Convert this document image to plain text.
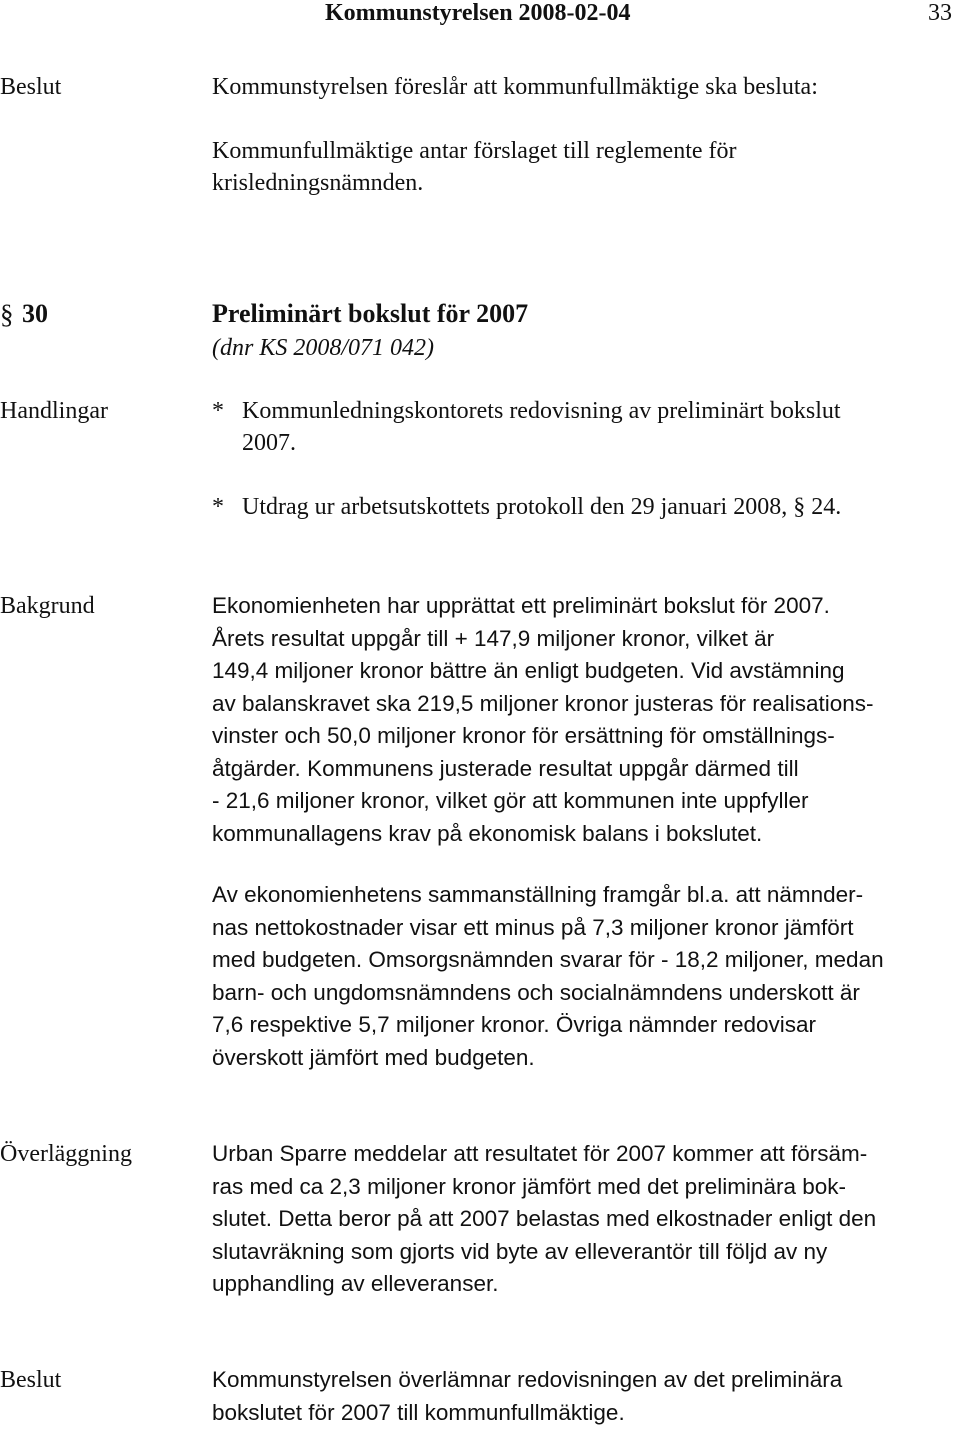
Kommunstyrelsen 2008-02-04	33
Beslut	Kommunstyrelsen föreslår att kommunfullmäktige ska besluta:

Kommunfullmäktige antar förslaget till reglemente för

krisledningsnämnden.

§ 30	Preliminärt bokslut för 2007
(dnr KS 2008/071 042)
Handlingar	* Kommunledningskontorets redovisning av preliminärt bokslut

2007.

* Utdrag ur arbetsutskottets protokoll den 29 januari 2008, § 24.

Bakgrund	Ekonomienheten har upprättat ett preliminärt bokslut för 2007.

Årets resultat uppgår till + 147,9 miljoner kronor, vilket är

149,4 miljoner kronor bättre än enligt budgeten. Vid avstämning

av balanskravet ska 219,5 miljoner kronor justeras för realisations-

vinster och 50,0 miljoner kronor för ersättning för omställnings-

åtgärder. Kommunens justerade resultat uppgår därmed till

- 21,6 miljoner kronor, vilket gör att kommunen inte uppfyller

kommunallagens krav på ekonomisk balans i bokslutet.

Av ekonomienhetens sammanställning framgår bl.a. att nämnder-

nas nettokostnader visar ett minus på 7,3 miljoner kronor jämfört

med budgeten. Omsorgsnämnden svarar för - 18,2 miljoner, medan

barn- och ungdomsnämndens och socialnämndens underskott är

7,6 respektive 5,7 miljoner kronor. Övriga nämnder redovisar

överskott jämfört med budgeten.

Överläggning	Urban Sparre meddelar att resultatet för 2007 kommer att försäm-

ras med ca 2,3 miljoner kronor jämfört med det preliminära bok-

slutet. Detta beror på att 2007 belastas med elkostnader enligt den

slutavräkning som gjorts vid byte av elleverantör till följd av ny

upphandling av elleveranser.

Beslut	Kommunstyrelsen överlämnar redovisningen av det preliminära

bokslutet för 2007 till kommunfullmäktige.
